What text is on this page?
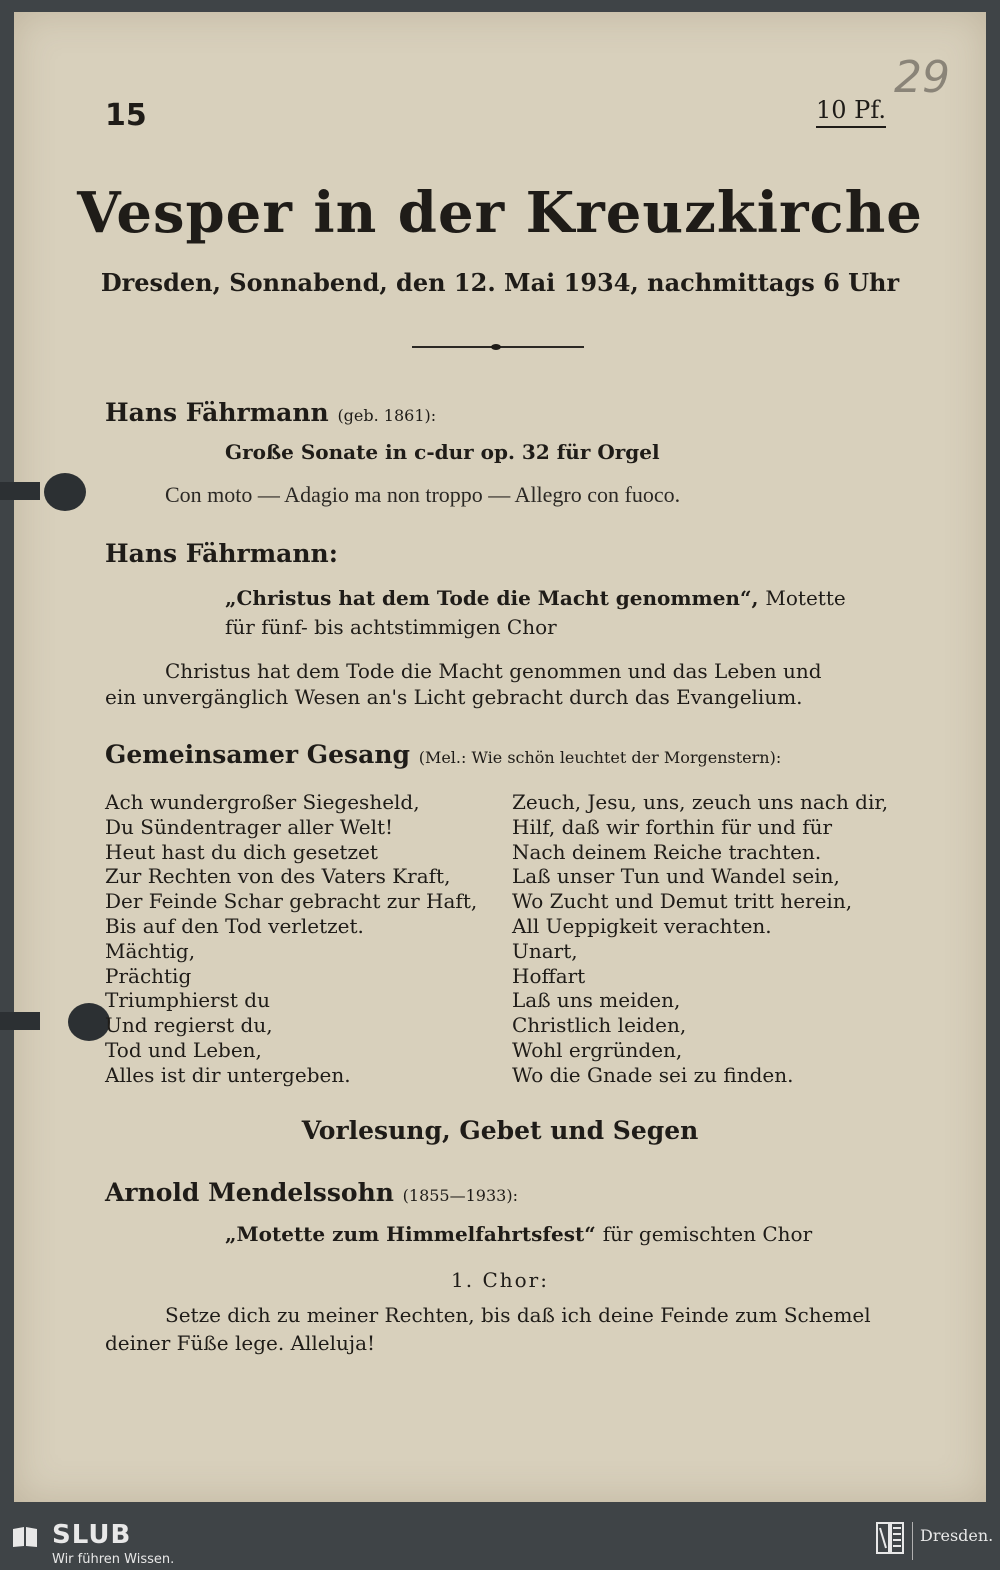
15	10 Pf.
29
Vesper in der Kreuzkirche
Dresden, Sonnabend, den 12. Mai 1934, nachmittags 6 Uhr
Hans Fährmann (geb. 1861):
Große Sonate in c-dur op. 32 für Orgel
Con moto — Adagio ma non troppo — Allegro con fuoco.
Hans Fährmann:
„Christus hat dem Tode die Macht genommen“, Motette
für fünf- bis achtstimmigen Chor
Christus hat dem Tode die Macht genommen und das Leben und
ein unvergänglich Wesen an's Licht gebracht durch das Evangelium.
Gemeinsamer Gesang (Mel.: Wie schön leuchtet der Morgenstern):
Ach wundergroßer Siegesheld,
Du Sündentrager aller Welt!
Heut hast du dich gesetzet
Zur Rechten von des Vaters Kraft,
Der Feinde Schar gebracht zur Haft,
Bis auf den Tod verletzet.
Mächtig,
Prächtig
Triumphierst du
Und regierst du,
Tod und Leben,
Alles ist dir untergeben.
Zeuch, Jesu, uns, zeuch uns nach dir,
Hilf, daß wir forthin für und für
Nach deinem Reiche trachten.
Laß unser Tun und Wandel sein,
Wo Zucht und Demut tritt herein,
All Ueppigkeit verachten.
Unart,
Hoffart
Laß uns meiden,
Christlich leiden,
Wohl ergründen,
Wo die Gnade sei zu finden.
Vorlesung, Gebet und Segen
Arnold Mendelssohn (1855—1933):
„Motette zum Himmelfahrtsfest“ für gemischten Chor
1. Chor:
Setze dich zu meiner Rechten, bis daß ich deine Feinde zum Schemel
deiner Füße lege. Alleluja!
SLUB
Wir führen Wissen.
Dresden.
